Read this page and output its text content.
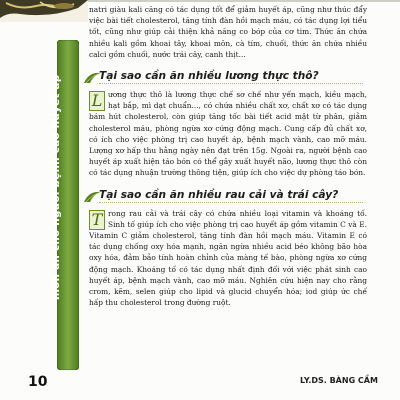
món ăn cho người bệnh cao huyết áp

natri giàu kali căng có tác dụng tốt để giảm huyết áp, cũng như thúc đẩy việc bài tiết cholesterol, tăng tính đàn hồi mạch máu, có tác dụng lợi tiểu tốt, cũng như giúp cải thiện khả năng co bóp của cơ tim. Thức ăn chứa nhiều kali gồm khoai tây, khoai môn, cà tím, chuối, thức ăn chứa nhiều calci gồm chuối, nước trái cây, canh thịt...

Tại sao cần ăn nhiều lương thực thô?

L ương thực thô là lương thực chế sơ chế như yến mạch, kiều mạch, hạt bắp, mì dạt chuẩn..., có chứa nhiều chất xơ, chất xơ có tác dụng bám hút cholesterol, còn giúp tăng tốc bài tiết acid mật từ phân, giảm cholesterol máu, phòng ngừa xơ cứng động mạch. Cung cấp đủ chất xơ, có ích cho việc phòng trị cao huyết áp, bệnh mạch vành, cao mỡ máu. Lượng xơ hấp thu hằng ngày nên đạt trên 15g. Ngoài ra, người bệnh cao huyết áp xuất hiện táo bón có thể gây xuất huyết não, lương thực thô còn có tác dụng nhuận trường thông tiện, giúp ích cho việc dự phòng táo bón.

Tại sao cần ăn nhiều rau cải và trái cây?

T rong rau cải và trái cây có chứa nhiều loại vitamin và khoáng tố. Sinh tố giúp ích cho việc phòng trị cao huyết áp gồm vitamin C và E. Vitamin C giảm cholesterol, tăng tính đàn hồi mạch máu. Vitamin E có tác dụng chống oxy hóa mạnh, ngăn ngừa nhiều acid béo không bão hòa oxy hóa, đảm bảo tính hoàn chỉnh của màng tế bào, phòng ngừa xơ cứng động mạch. Khoáng tố có tác dụng nhất định đối với việc phát sinh cao huyết áp, bệnh mạch vành, cao mỡ máu. Nghiên cứu hiện nay cho rằng crom, kẽm, selen giúp cho lipid và glucid chuyển hóa; iod giúp ức chế hấp thu cholesterol trong đường ruột.

10	LY.DS. BÀNG CẦM
